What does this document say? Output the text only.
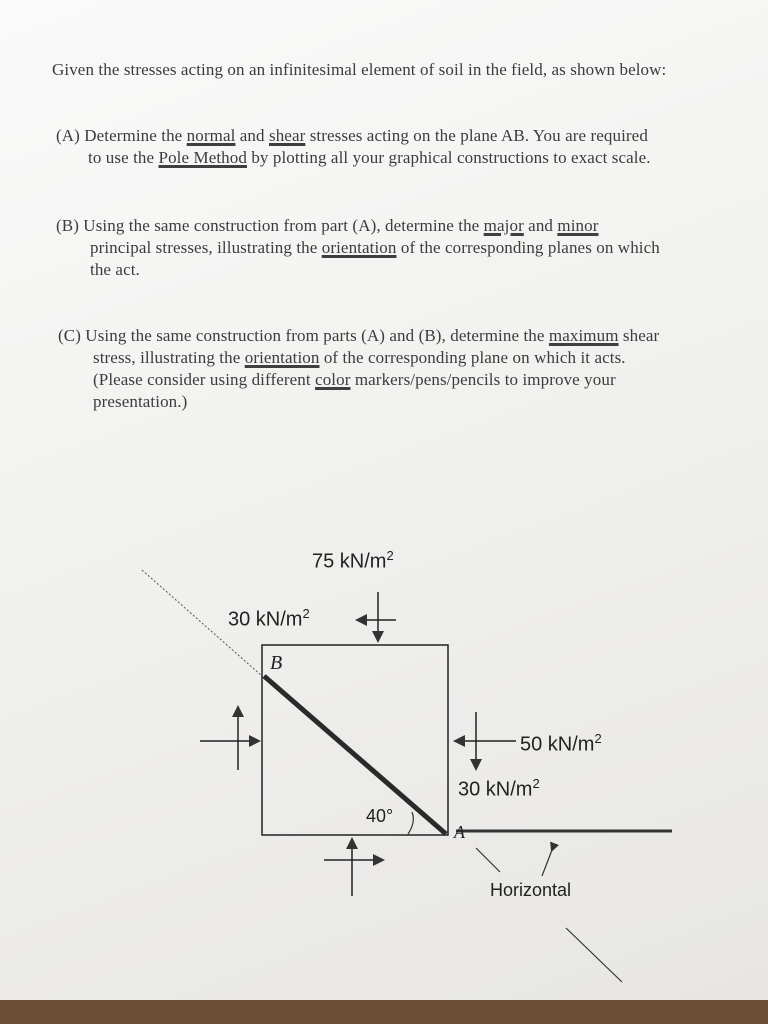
Given the stresses acting on an infinitesimal element of soil in the field, as shown below:
(A) Determine the normal and shear stresses acting on the plane AB. You are required
to use the Pole Method by plotting all your graphical constructions to exact scale.
(B) Using the same construction from part (A), determine the major and minor
principal stresses, illustrating the orientation of the corresponding planes on which
the act.
(C) Using the same construction from parts (A) and (B), determine the maximum shear
stress, illustrating the orientation of the corresponding plane on which it acts.
(Please consider using different color markers/pens/pencils to improve your
presentation.)
75 $kN/m^2$
30 $kN/m^2$
50 $kN/m^2$
30 $kN/m^2$
B
A
40°
Horizontal
